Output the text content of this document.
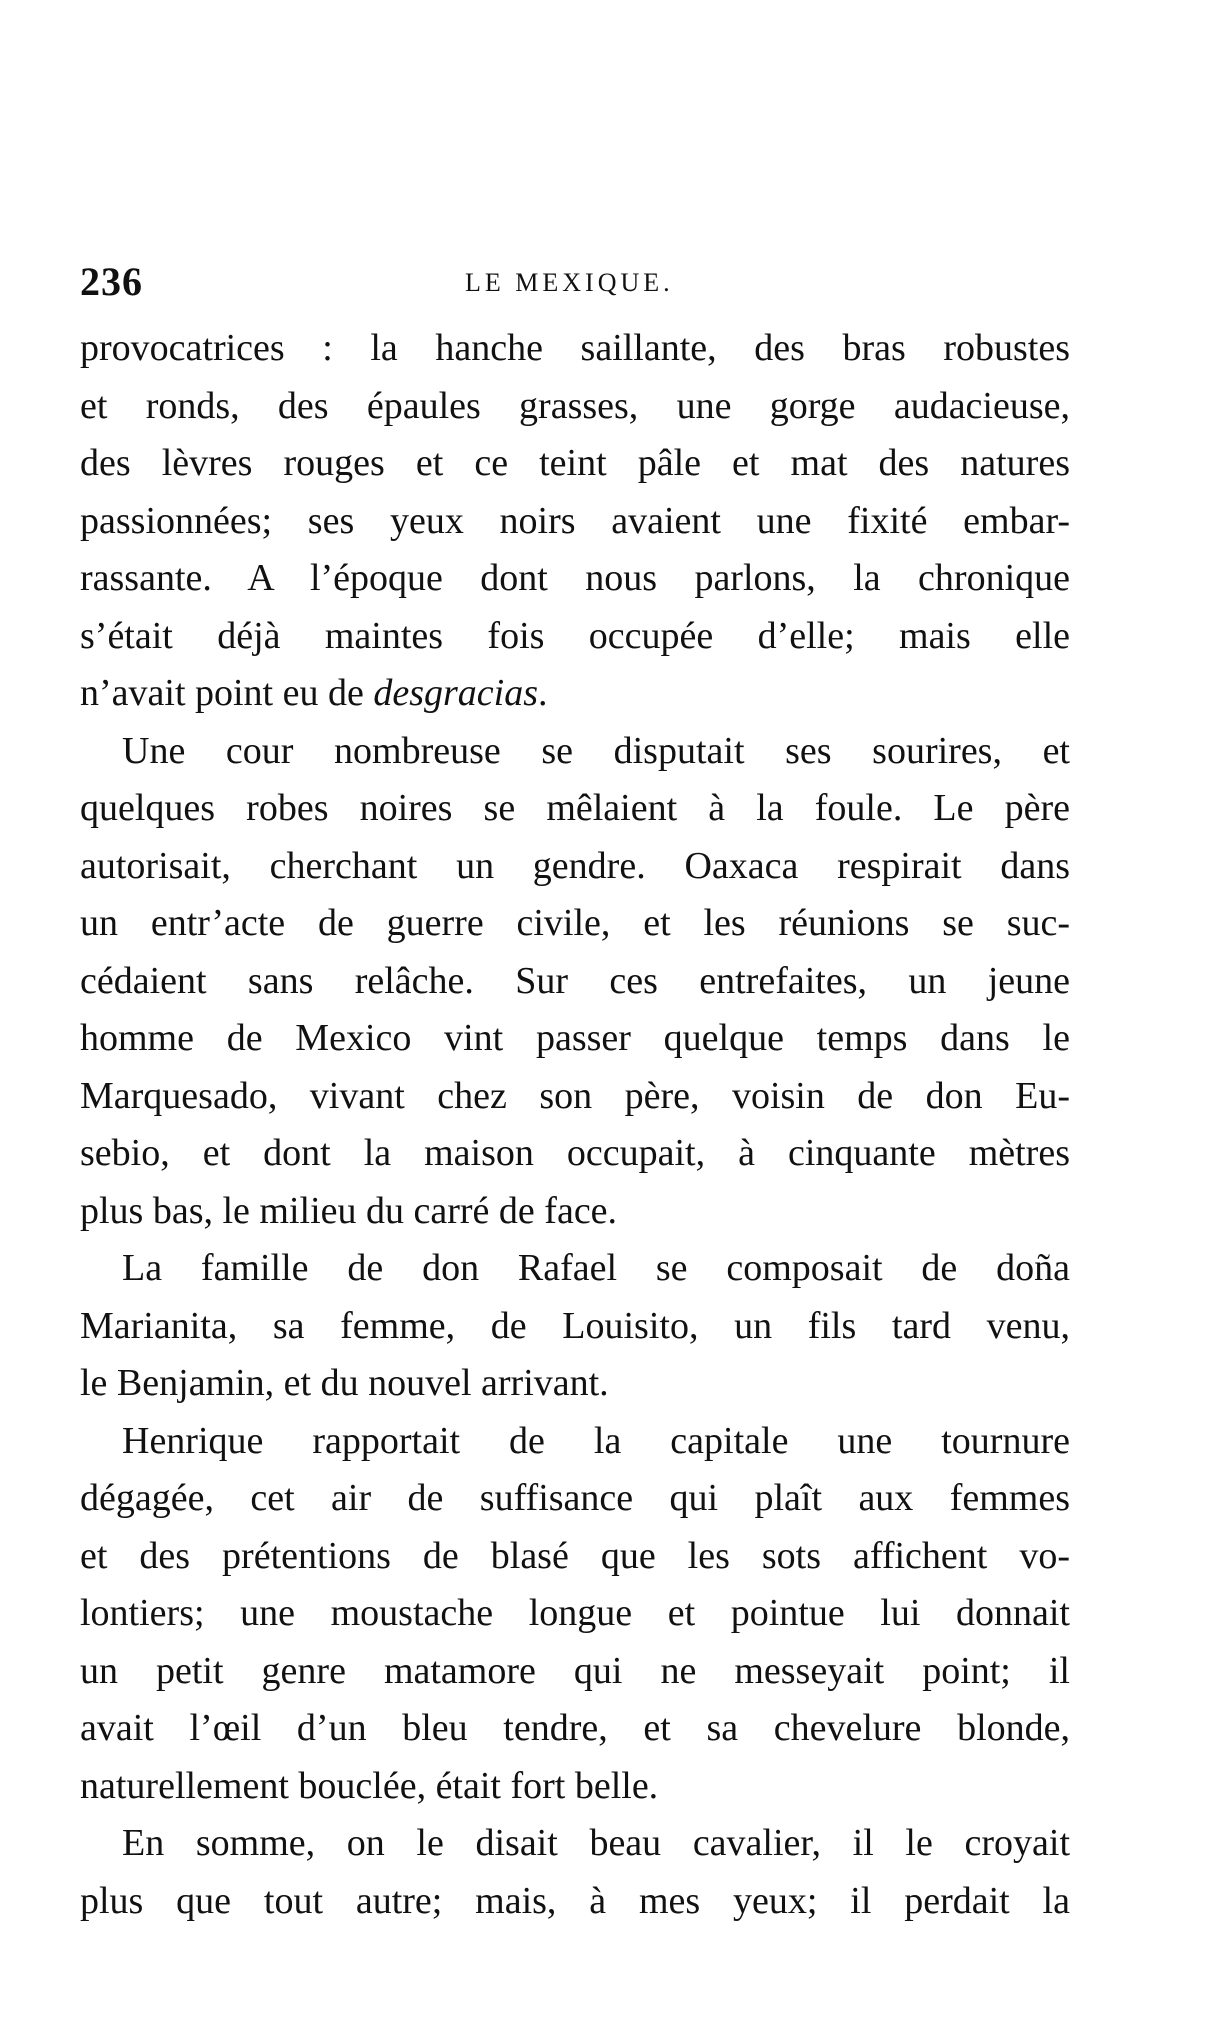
236	LE MEXIQUE.
provocatrices : la hanche saillante, des bras robustes
et ronds, des épaules grasses, une gorge audacieuse,
des lèvres rouges et ce teint pâle et mat des natures
passionnées; ses yeux noirs avaient une fixité embar-
rassante. A l’époque dont nous parlons, la chronique
s’était déjà maintes fois occupée d’elle; mais elle
n’avait point eu de desgracias.
Une cour nombreuse se disputait ses sourires, et
quelques robes noires se mêlaient à la foule. Le père
autorisait, cherchant un gendre. Oaxaca respirait dans
un entr’acte de guerre civile, et les réunions se suc-
cédaient sans relâche. Sur ces entrefaites, un jeune
homme de Mexico vint passer quelque temps dans le
Marquesado, vivant chez son père, voisin de don Eu-
sebio, et dont la maison occupait, à cinquante mètres
plus bas, le milieu du carré de face.
La famille de don Rafael se composait de doña
Marianita, sa femme, de Louisito, un fils tard venu,
le Benjamin, et du nouvel arrivant.
Henrique rapportait de la capitale une tournure
dégagée, cet air de suffisance qui plaît aux femmes
et des prétentions de blasé que les sots affichent vo-
lontiers; une moustache longue et pointue lui donnait
un petit genre matamore qui ne messeyait point; il
avait l’œil d’un bleu tendre, et sa chevelure blonde,
naturellement bouclée, était fort belle.
En somme, on le disait beau cavalier, il le croyait
plus que tout autre; mais, à mes yeux; il perdait la
